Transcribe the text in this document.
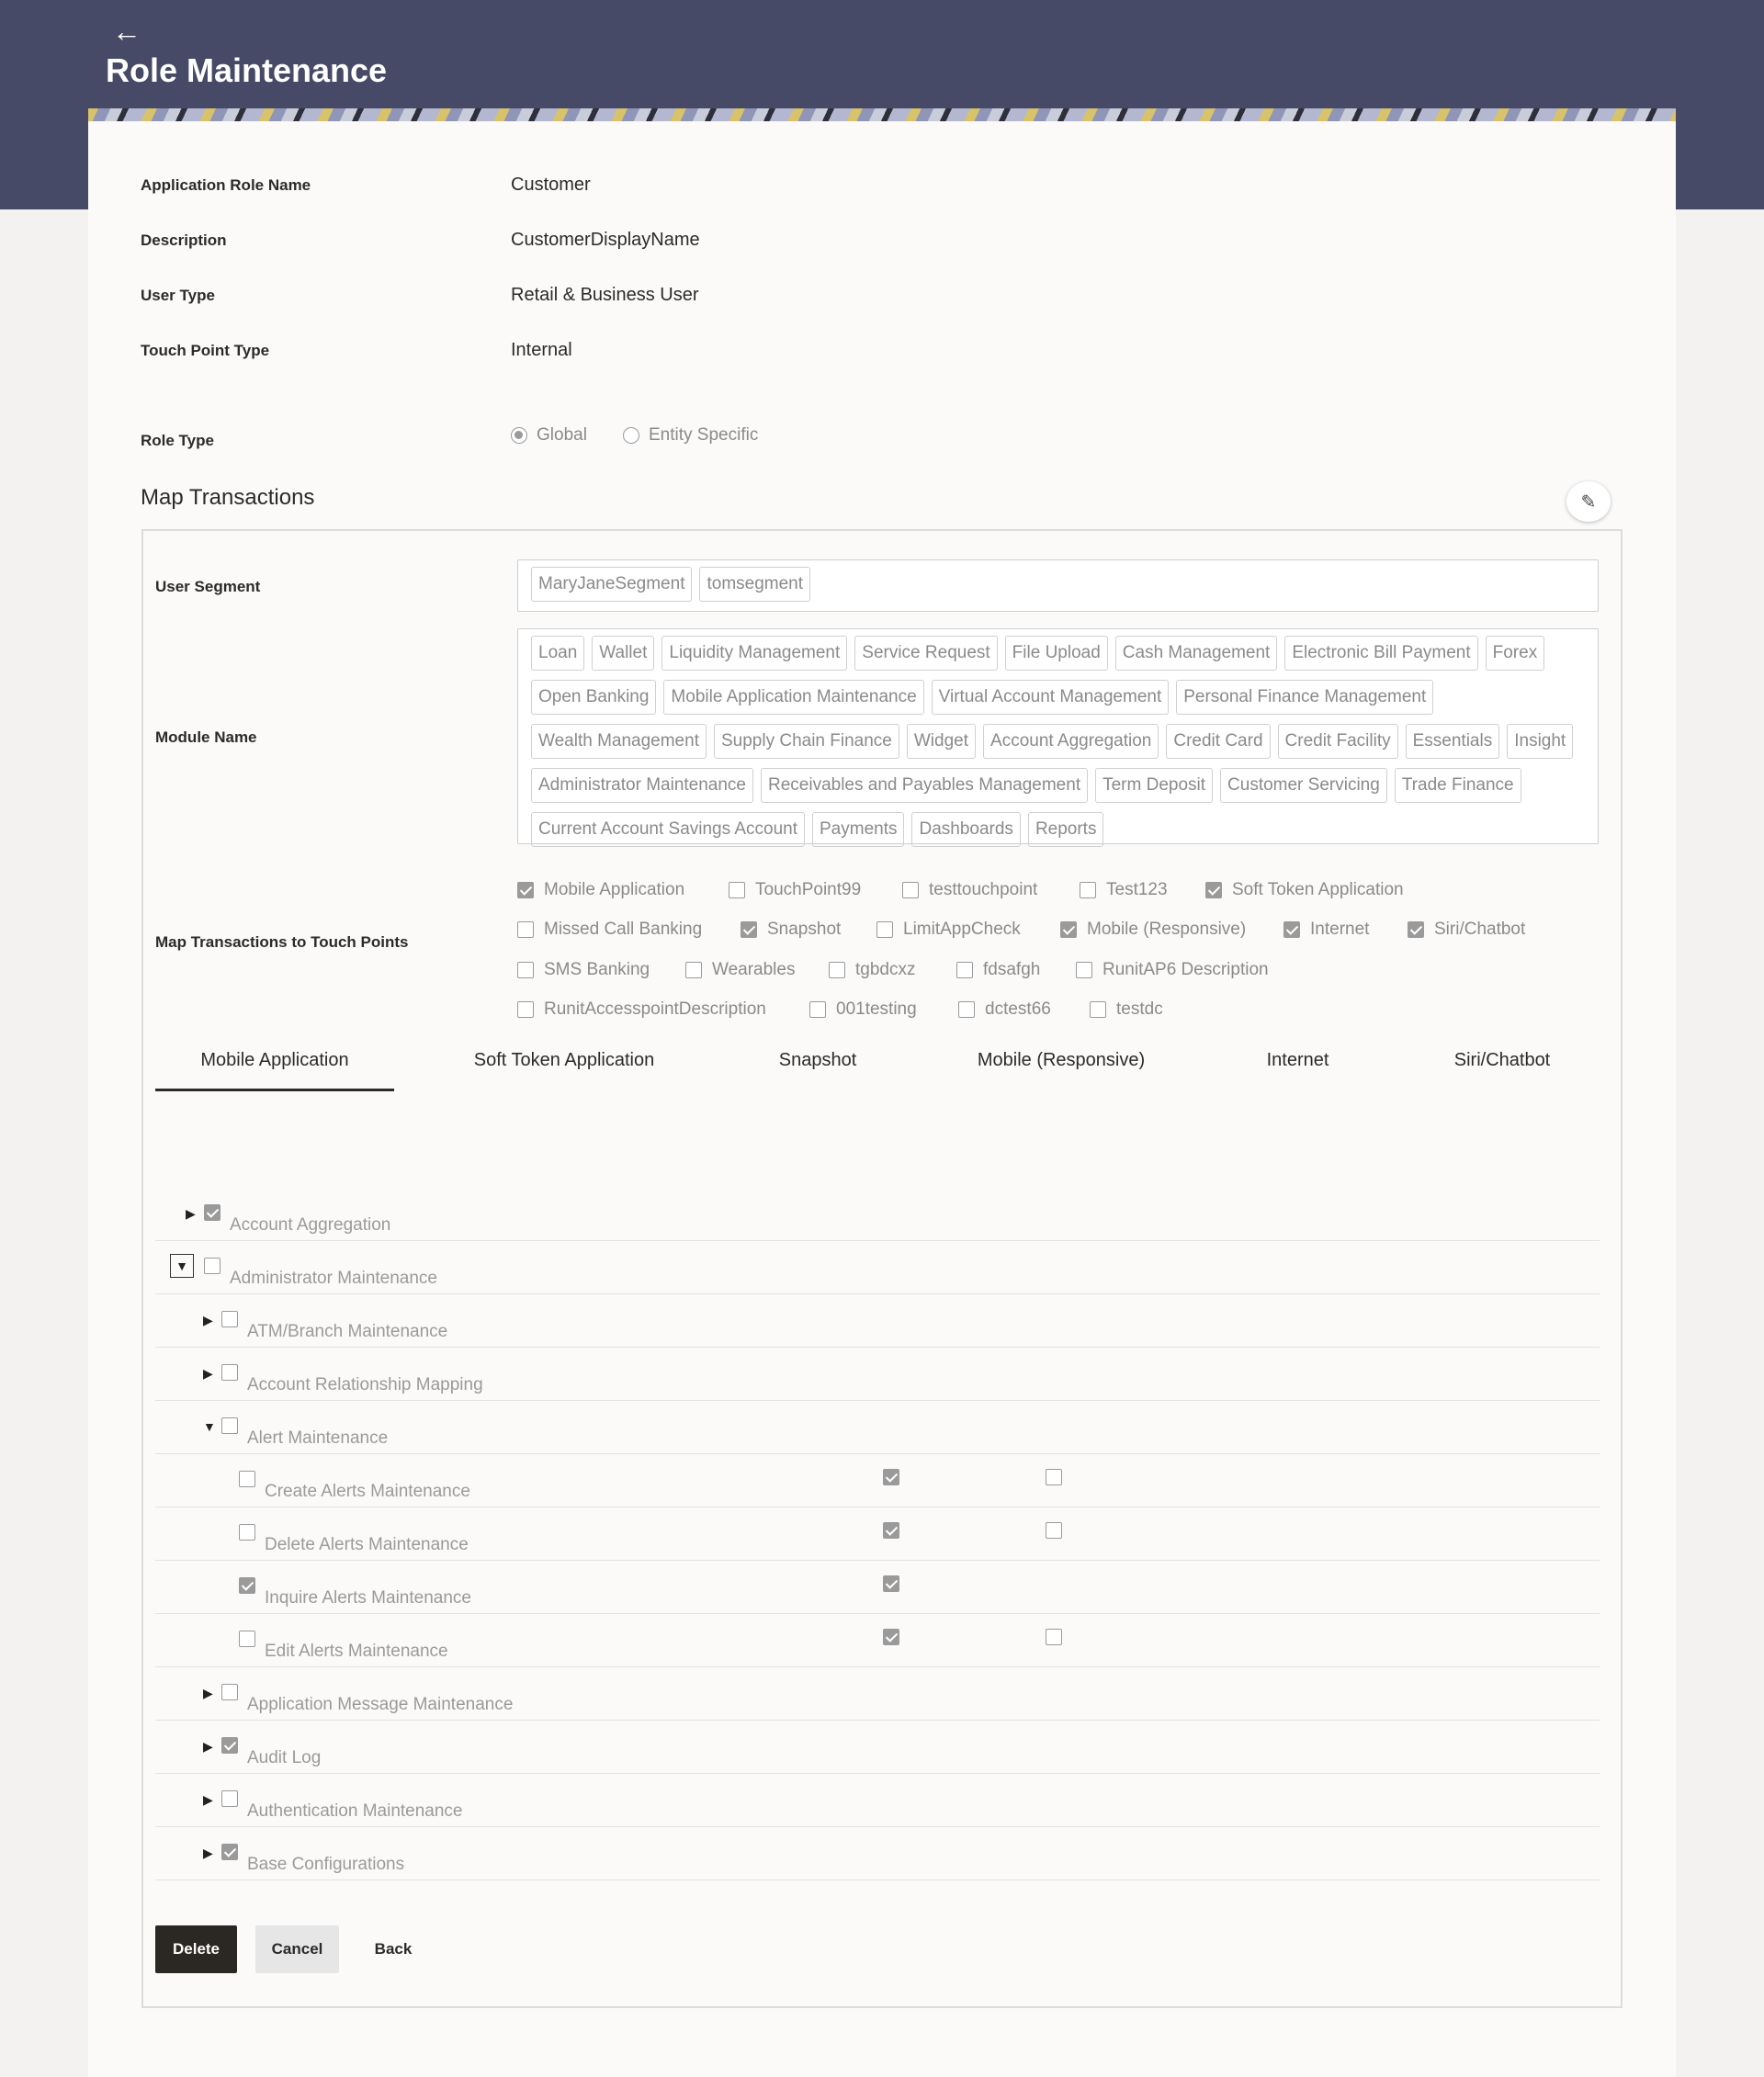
←
Role Maintenance
Application Role Name	Customer
Description	CustomerDisplayName
User Type	Retail & Business User
Touch Point Type	Internal
Role Type	Global	Entity Specific
Map Transactions	✎
User Segment	MaryJaneSegment	tomsegment
Module Name
Loan	Wallet	Liquidity Management	Service Request	File Upload	Cash Management	Electronic Bill Payment	Forex
Open Banking	Mobile Application Maintenance	Virtual Account Management	Personal Finance Management
Wealth Management	Supply Chain Finance	Widget	Account Aggregation	Credit Card	Credit Facility	Essentials	Insight
Administrator Maintenance	Receivables and Payables Management	Term Deposit	Customer Servicing	Trade Finance
Current Account Savings Account	Payments	Dashboards	Reports
Map Transactions to Touch Points
Mobile Application	TouchPoint99	testtouchpoint	Test123	Soft Token Application
Missed Call Banking	Snapshot	LimitAppCheck	Mobile (Responsive)	Internet	Siri/Chatbot
SMS Banking	Wearables	tgbdcxz	fdsafgh	RunitAP6 Description
RunitAccesspointDescription	001testing	dctest66	testdc
Mobile Application	Soft Token Application	Snapshot	Mobile (Responsive)	Internet	Siri/Chatbot
▶
Account Aggregation
▼
Administrator Maintenance
▶
ATM/Branch Maintenance
▶
Account Relationship Mapping
▼
Alert Maintenance
Create Alerts Maintenance
Delete Alerts Maintenance
Inquire Alerts Maintenance
Edit Alerts Maintenance
▶
Application Message Maintenance
▶
Audit Log
▶
Authentication Maintenance
▶
Base Configurations
Delete	Cancel	Back
